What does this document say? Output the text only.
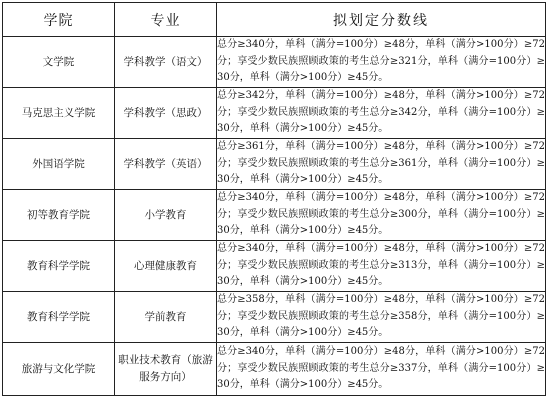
学院	专业	拟划定分数线
文学院	学科教学（语文）	总分≥340分，单科（满分=100分）≥48分，单科（满分>100分）≥72分；享受少数民族照顾政策的考生总分≥321分，单科（满分=100分）≥30分，单科（满分>100分）≥45分。
马克思主义学院	学科教学（思政）	总分≥342分，单科（满分=100分）≥48分，单科（满分>100分）≥72分；享受少数民族照顾政策的考生总分≥342分，单科（满分=100分）≥30分，单科（满分>100分）≥45分。
外国语学院	学科教学（英语）	总分≥361分，单科（满分=100分）≥48分，单科（满分>100分）≥72分；享受少数民族照顾政策的考生总分≥361分，单科（满分=100分）≥30分，单科（满分>100分）≥45分。
初等教育学院	小学教育	总分≥340分，单科（满分=100分）≥48分，单科（满分>100分）≥72分；享受少数民族照顾政策的考生总分≥300分，单科（满分=100分）≥30分，单科（满分>100分）≥45分。
教育科学学院	心理健康教育	总分≥340分，单科（满分=100分）≥48分，单科（满分>100分）≥72分；享受少数民族照顾政策的考生总分≥313分，单科（满分=100分）≥30分，单科（满分>100分）≥45分。
教育科学学院	学前教育	总分≥358分，单科（满分=100分）≥48分，单科（满分>100分）≥72分；享受少数民族照顾政策的考生总分≥358分，单科（满分=100分）≥30分，单科（满分>100分）≥45分。
旅游与文化学院	职业技术教育（旅游服务方向）	总分≥340分，单科（满分=100分）≥48分，单科（满分>100分）≥72分；享受少数民族照顾政策的考生总分≥337分，单科（满分=100分）≥30分，单科（满分>100分）≥45分。
